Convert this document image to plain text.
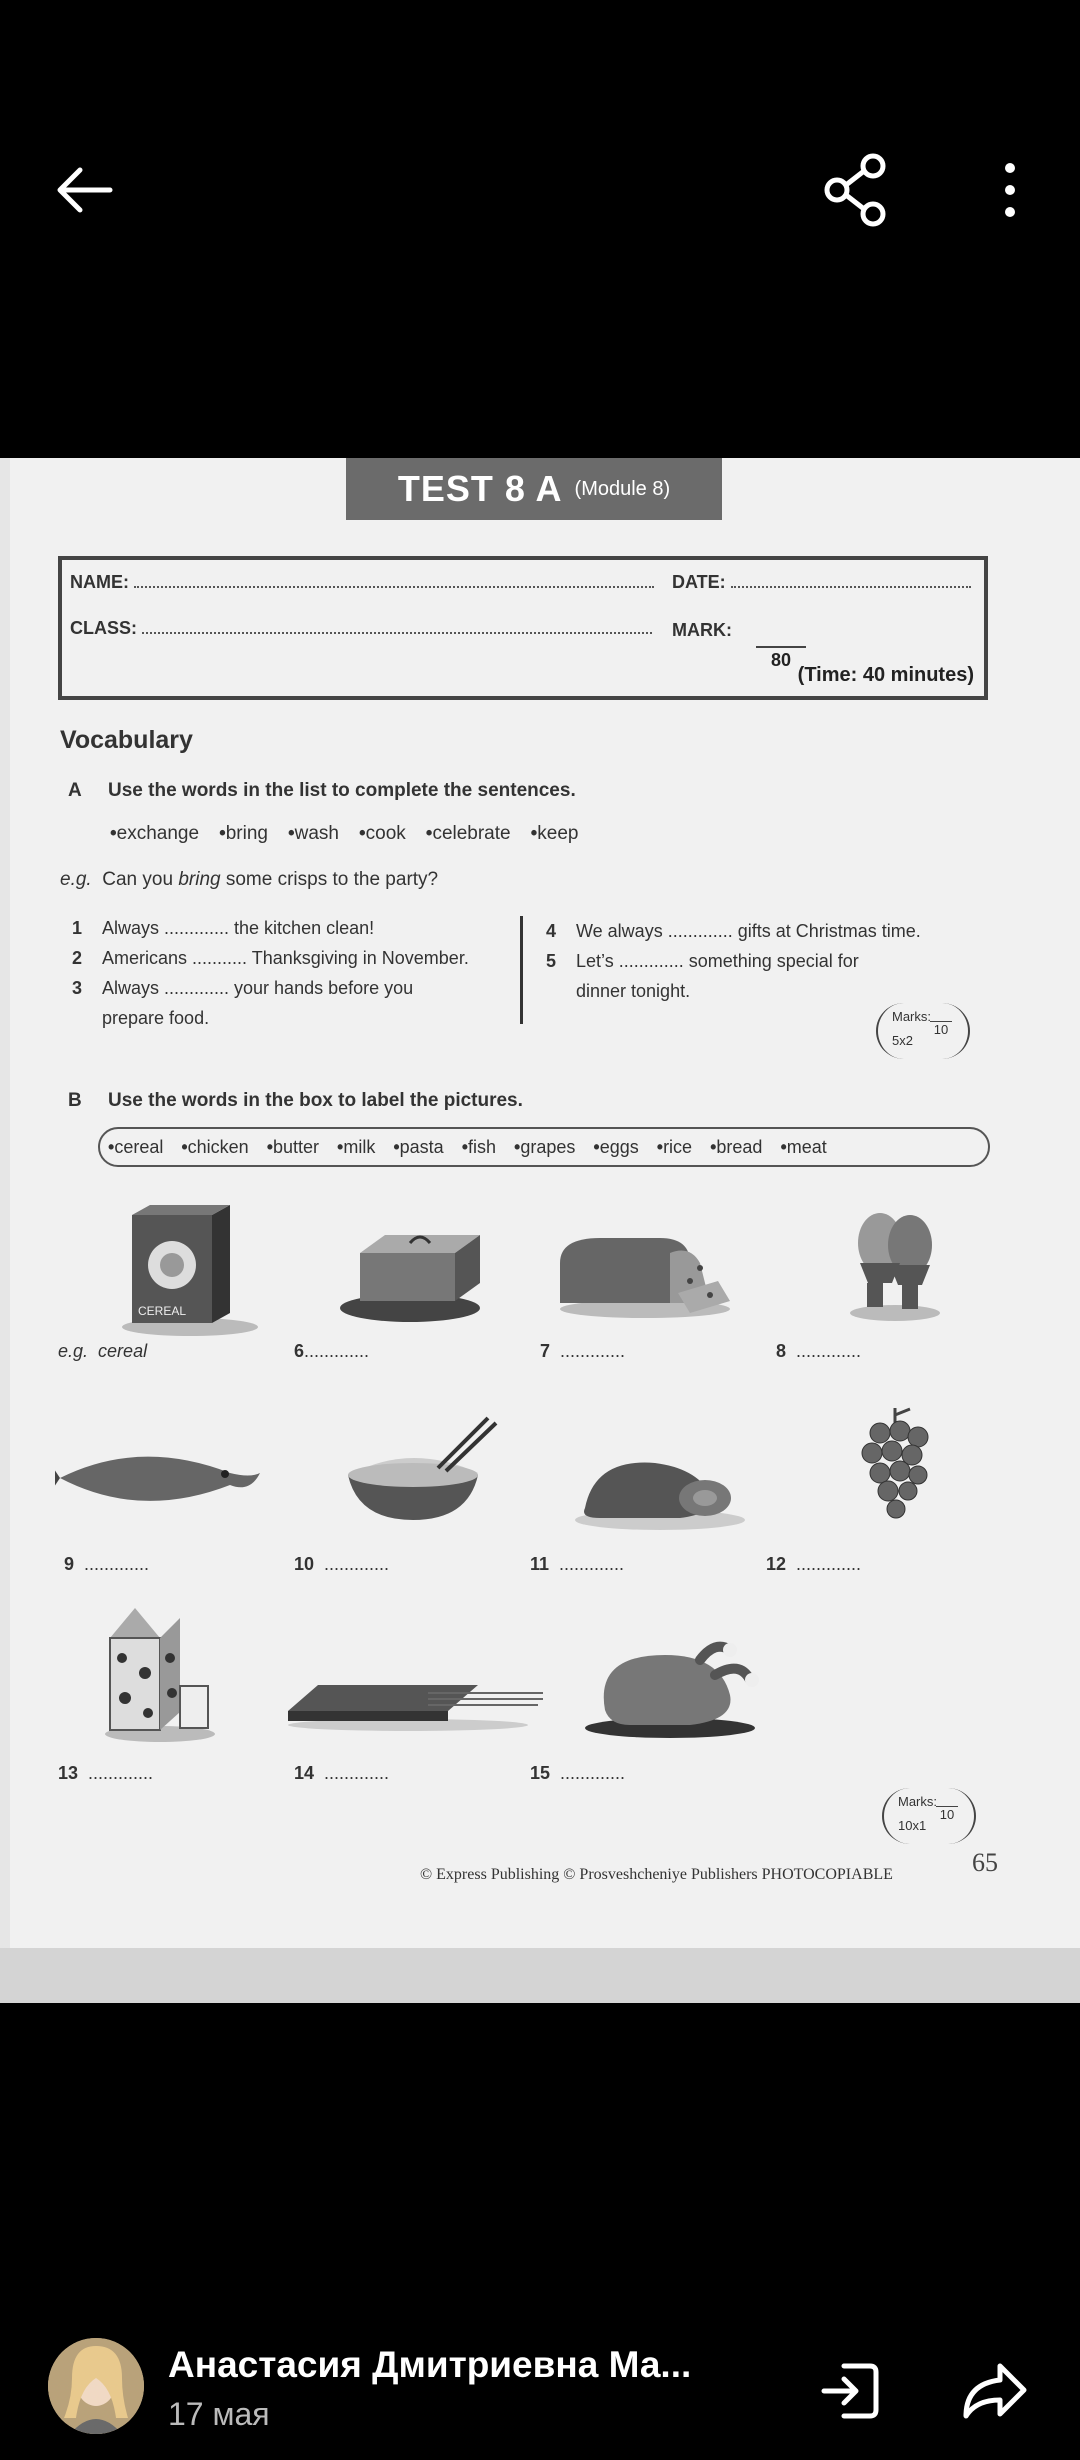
TEST 8 A (Module 8)
NAME:	DATE:
CLASS:	MARK:
80
(Time: 40 minutes)
Vocabulary
A Use the words in the list to complete the sentences.
• exchange	• bring	• wash	• cook	• celebrate	• keep
e.g. Can you bring some crisps to the party?
1 Always ............. the kitchen clean!
2 Americans ........... Thanksgiving in November.
3 Always ............. your hands before you
prepare food.
4 We always ............. gifts at Christmas time.
5 Let’s ............. something special for
dinner tonight.
Marks:
10
5x2
B Use the words in the box to label the pictures.
• cereal	• chicken	• butter	• milk	• pasta	• fish	• grapes	• eggs	• rice	• bread	• meat
CEREAL
e.g. cereal	6.............	7 .............	8 .............
9 .............	10 .............	11 .............	12 .............
13 .............	14 .............	15 .............
Marks:
10
10x1
© Express Publishing © Prosveshcheniye Publishers PHOTOCOPIABLE	65
Анастасия Дмитриевна Ма...
17 мая
